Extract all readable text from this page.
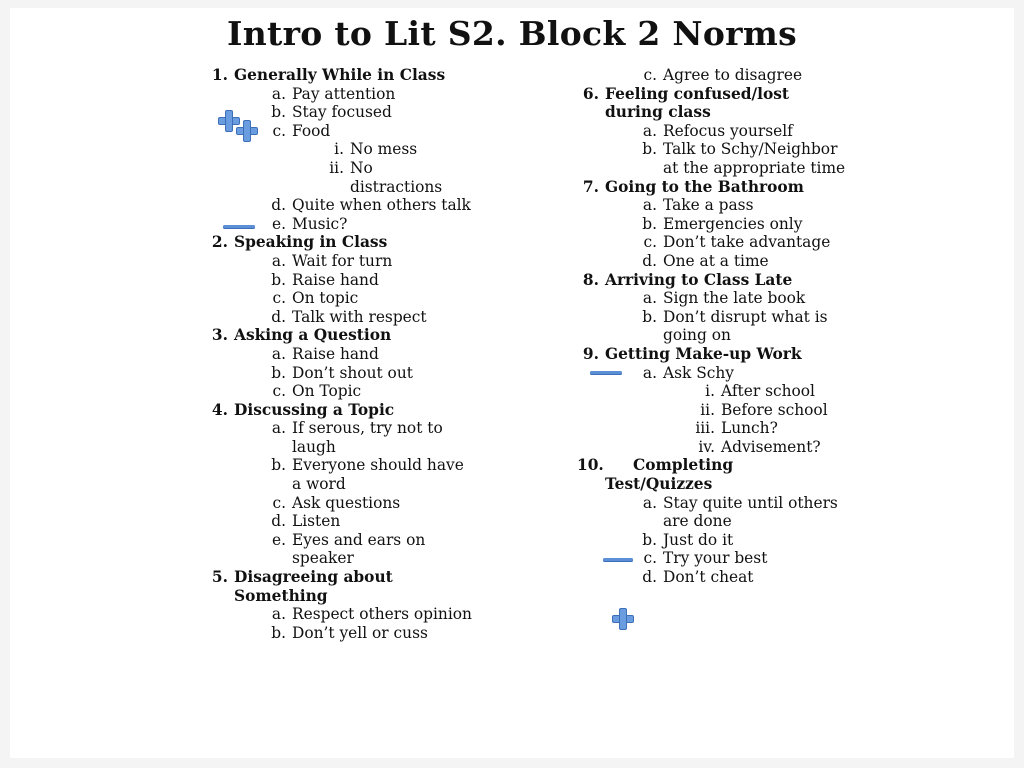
Intro to Lit S2. Block 2 Norms
1. Generally While in Class
a. Pay attention
b. Stay focused
c. Food
i. No mess
ii. No distractions
d. Quite when others talk
e. Music?
2. Speaking in Class
a. Wait for turn
b. Raise hand
c. On topic
d. Talk with respect
3. Asking a Question
a. Raise hand
b. Don’t shout out
c. On Topic
4. Discussing a Topic
a. If serous, try not to laugh
b. Everyone should have a word
c. Ask questions
d. Listen
e. Eyes and ears on speaker
5. Disagreeing about Something
a. Respect others opinion
b. Don’t yell or cuss
c. Agree to disagree
6. Feeling confused/lost during class
a. Refocus yourself
b. Talk to Schy/Neighbor at the appropriate time
7. Going to the Bathroom
a. Take a pass
b. Emergencies only
c. Don’t take advantage
d. One at a time
8. Arriving to Class Late
a. Sign the late book
b. Don’t disrupt what is going on
9. Getting Make-up Work
a. Ask Schy
i. After school
ii. Before school
iii. Lunch?
iv. Advisement?
10.	Completing Test/Quizzes
a. Stay quite until others are done
b. Just do it
c. Try your best
d. Don’t cheat
